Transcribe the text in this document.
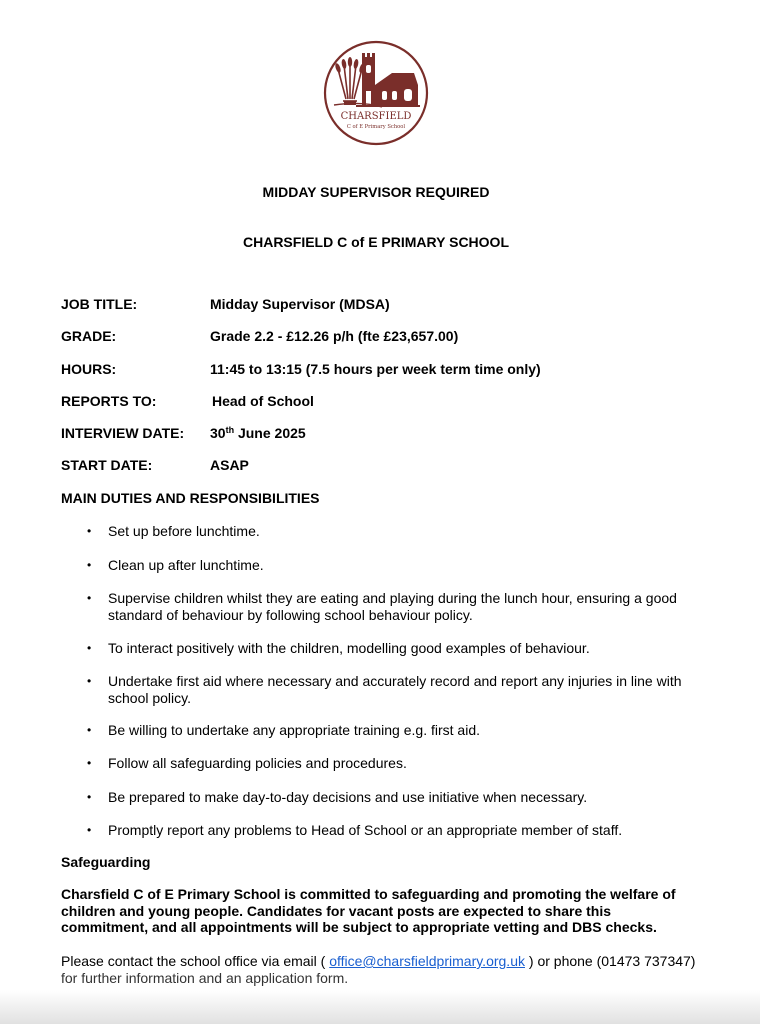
CHARSFIELD
C of E Primary School
MIDDAY SUPERVISOR REQUIRED
CHARSFIELD C of E PRIMARY SCHOOL
JOB TITLE:	Midday Supervisor (MDSA)
GRADE:	Grade 2.2 - £12.26 p/h (fte £23,657.00)
HOURS:	11:45 to 13:15 (7.5 hours per week term time only)
REPORTS TO:	Head of School
INTERVIEW DATE: 30th June 2025
START DATE:	ASAP
MAIN DUTIES AND RESPONSIBILITIES
• Set up before lunchtime.
• Clean up after lunchtime.
• Supervise children whilst they are eating and playing during the lunch hour, ensuring a good standard of behaviour by following school behaviour policy.
• To interact positively with the children, modelling good examples of behaviour.
• Undertake first aid where necessary and accurately record and report any injuries in line with school policy.
• Be willing to undertake any appropriate training e.g. first aid.
• Follow all safeguarding policies and procedures.
• Be prepared to make day-to-day decisions and use initiative when necessary.
• Promptly report any problems to Head of School or an appropriate member of staff.
Safeguarding
Charsfield C of E Primary School is committed to safeguarding and promoting the welfare of children and young people. Candidates for vacant posts are expected to share this commitment, and all appointments will be subject to appropriate vetting and DBS checks.
Please contact the school office via email ( office@charsfieldprimary.org.uk ) or phone (01473 737347) for further information and an application form.
